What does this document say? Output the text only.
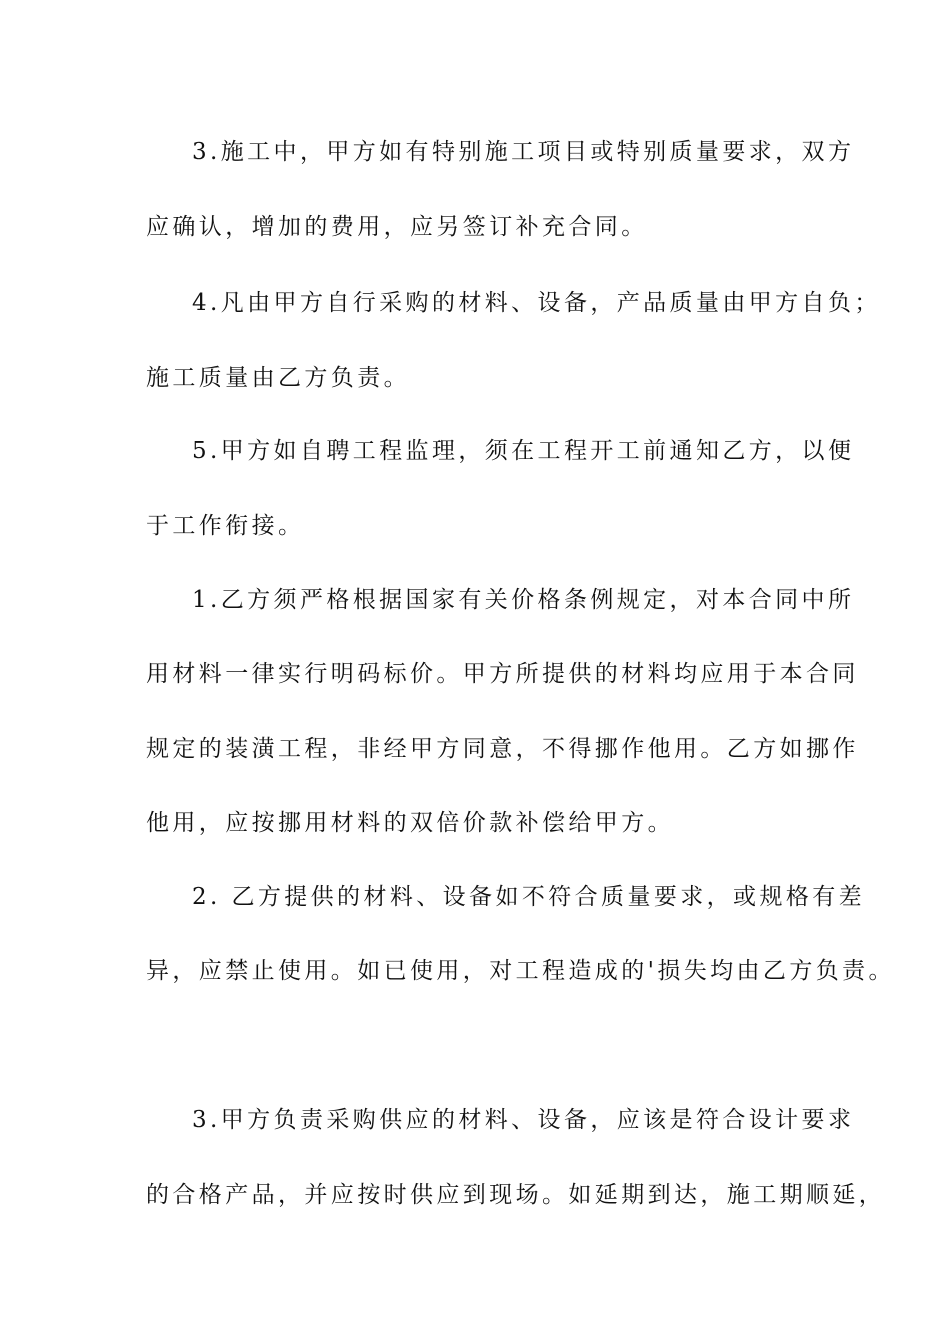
3.施工中，甲方如有特别施工项目或特别质量要求，双方
应确认，增加的费用，应另签订补充合同。
4.凡由甲方自行采购的材料、设备，产品质量由甲方自负；
施工质量由乙方负责。
5.甲方如自聘工程监理，须在工程开工前通知乙方，以便
于工作衔接。
1.乙方须严格根据国家有关价格条例规定，对本合同中所
用材料一律实行明码标价。甲方所提供的材料均应用于本合同
规定的装潢工程，非经甲方同意，不得挪作他用。乙方如挪作
他用，应按挪用材料的双倍价款补偿给甲方。
2. 乙方提供的材料、设备如不符合质量要求，或规格有差
异，应禁止使用。如已使用，对工程造成的'损失均由乙方负责。
3.甲方负责采购供应的材料、设备，应该是符合设计要求
的合格产品，并应按时供应到现场。如延期到达，施工期顺延，
